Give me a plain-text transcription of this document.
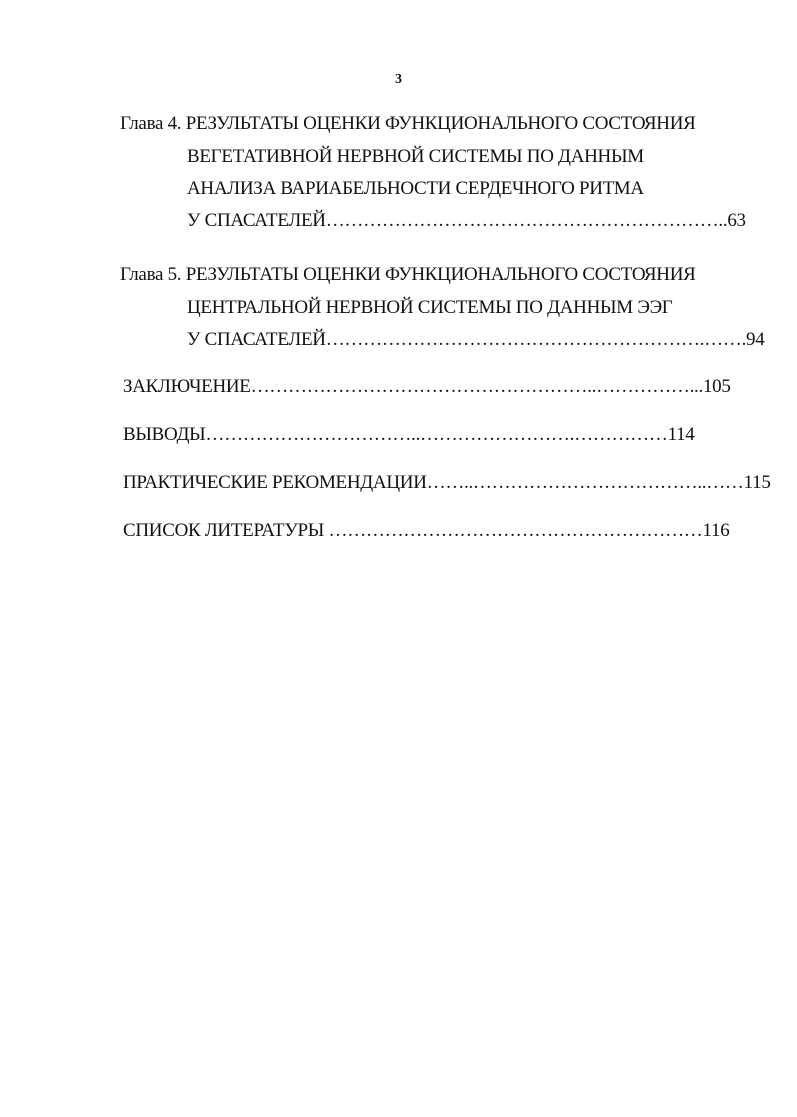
3
Глава 4. РЕЗУЛЬТАТЫ ОЦЕНКИ ФУНКЦИОНАЛЬНОГО СОСТОЯНИЯ
ВЕГЕТАТИВНОЙ НЕРВНОЙ СИСТЕМЫ ПО ДАННЫМ
АНАЛИЗА ВАРИАБЕЛЬНОСТИ СЕРДЕЧНОГО РИТМА
У СПАСАТЕЛЕЙ………………………………………………………..63
Глава 5. РЕЗУЛЬТАТЫ ОЦЕНКИ ФУНКЦИОНАЛЬНОГО СОСТОЯНИЯ
ЦЕНТРАЛЬНОЙ НЕРВНОЙ СИСТЕМЫ ПО ДАННЫМ ЭЭГ
У СПАСАТЕЛЕЙ…………………………………………………….…….94
ЗАКЛЮЧЕНИЕ………………………………………………..……………...105
ВЫВОДЫ……………………………..…………………….……………114
ПРАКТИЧЕСКИЕ РЕКОМЕНДАЦИИ……..………………………………..……115
СПИСОК ЛИТЕРАТУРЫ ……………………………………………………116
